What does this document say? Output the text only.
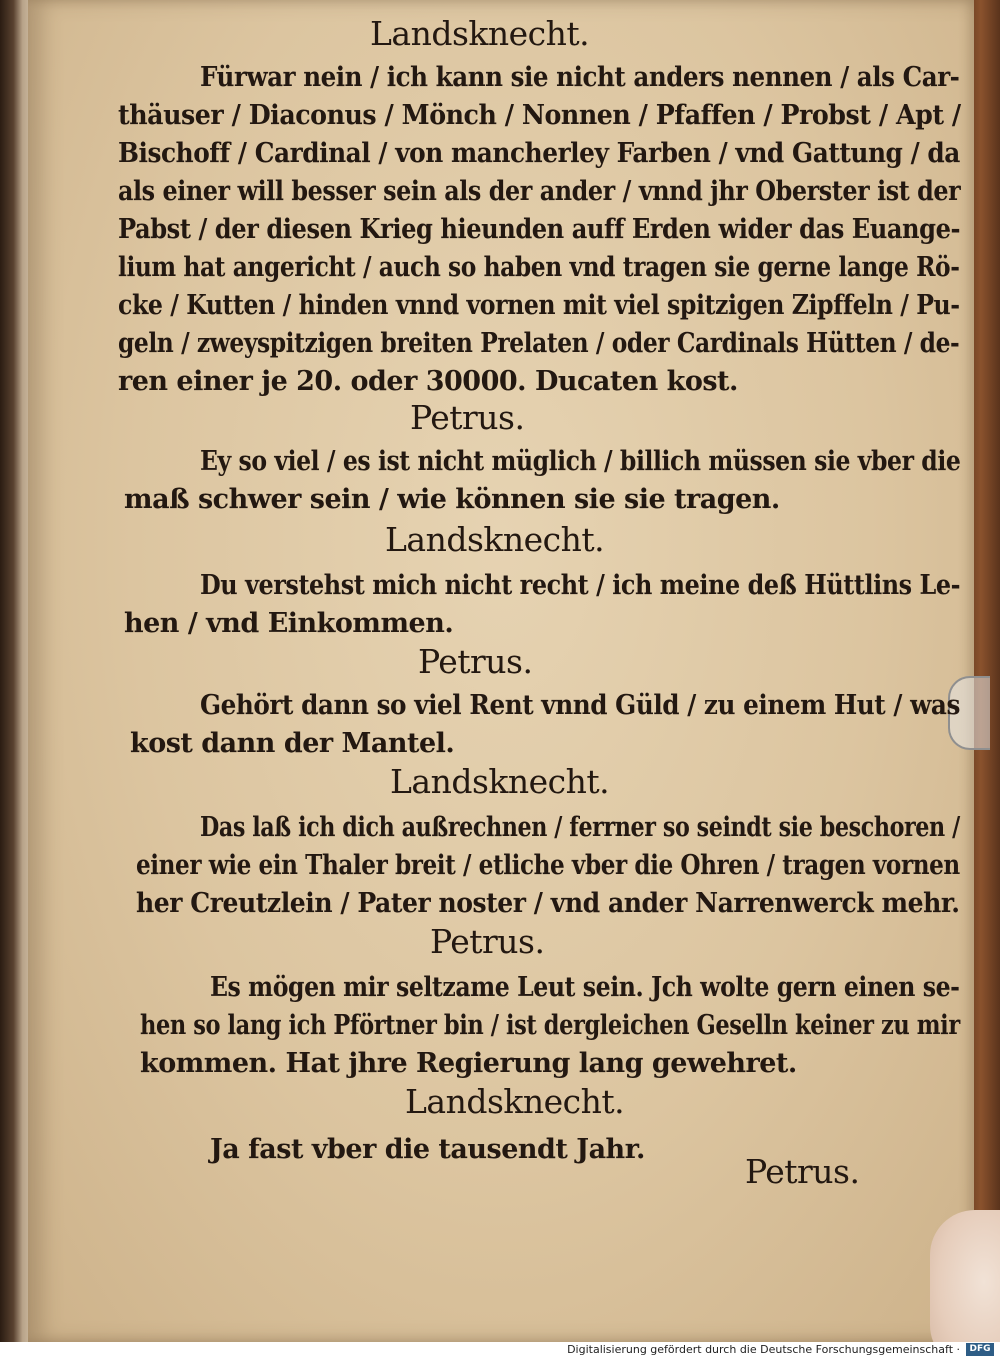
Landsknecht.
Fürwar nein / ich kann sie nicht anders nennen / als Car-
thäuser / Diaconus / Mönch / Nonnen / Pfaffen / Probst / Apt /
Bischoff / Cardinal / von mancherley Farben / vnd Gattung / da
als einer will besser sein als der ander / vnnd jhr Oberster ist der
Pabst / der diesen Krieg hieunden auff Erden wider das Euange-
lium hat angericht / auch so haben vnd tragen sie gerne lange Rö-
cke / Kutten / hinden vnnd vornen mit viel spitzigen Zipffeln / Pu-
geln / zweyspitzigen breiten Prelaten / oder Cardinals Hütten / de-
ren einer je 20. oder 30000. Ducaten kost.
Petrus.
Ey so viel / es ist nicht müglich / billich müssen sie vber die
maß schwer sein / wie können sie sie tragen.
Landsknecht.
Du verstehst mich nicht recht / ich meine deß Hüttlins Le-
hen / vnd Einkommen.
Petrus.
Gehört dann so viel Rent vnnd Güld / zu einem Hut / was
kost dann der Mantel.
Landsknecht.
Das laß ich dich außrechnen / ferrner so seindt sie beschoren /
einer wie ein Thaler breit / etliche vber die Ohren / tragen vornen
her Creutzlein / Pater noster / vnd ander Narrenwerck mehr.
Petrus.
Es mögen mir seltzame Leut sein. Jch wolte gern einen se-
hen so lang ich Pförtner bin / ist dergleichen Geselln keiner zu mir
kommen. Hat jhre Regierung lang gewehret.
Landsknecht.
Ja fast vber die tausendt Jahr.
Petrus.
Digitalisierung gefördert durch die Deutsche Forschungsgemeinschaft ·	DFG
